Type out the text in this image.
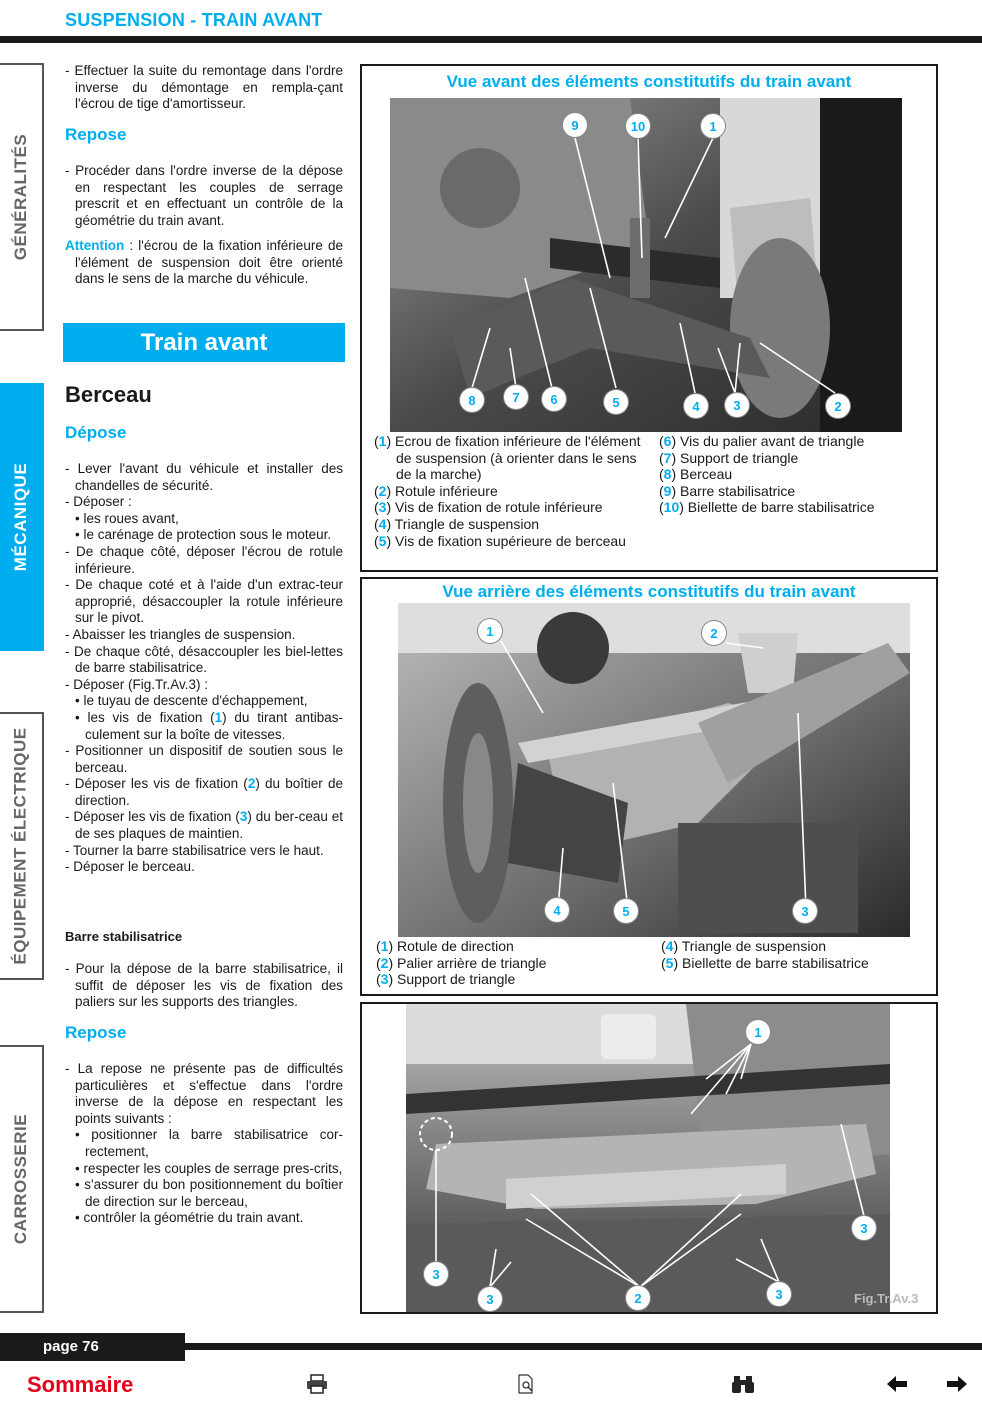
SUSPENSION - TRAIN AVANT
GÉNÉRALITÉS
MÉCANIQUE
ÉQUIPEMENT ÉLECTRIQUE
CARROSSERIE

- Effectuer la suite du remontage dans l'ordre inverse du démontage en rempla-çant l'écrou de tige d'amortisseur.

Repose

- Procéder dans l'ordre inverse de la dépose en respectant les couples de serrage prescrit et en effectuant un contrôle de la géométrie du train avant.

Attention : l'écrou de la fixation inférieure de l'élément de suspension doit être orienté dans le sens de la marche du véhicule.

Train avant
Berceau
Dépose

- Lever l'avant du véhicule et installer des chandelles de sécurité.

- Déposer :

• les roues avant,

• le carénage de protection sous le moteur.

- De chaque côté, déposer l'écrou de rotule inférieure.

- De chaque coté et à l'aide d'un extrac-teur approprié, désaccoupler la rotule inférieure sur le pivot.

- Abaisser les triangles de suspension.

- De chaque côté, désaccoupler les biel-lettes de barre stabilisatrice.

- Déposer (Fig.Tr.Av.3) :

• le tuyau de descente d'échappement,

• les vis de fixation (1) du tirant antibas-culement sur la boîte de vitesses.

- Positionner un dispositif de soutien sous le berceau.

- Déposer les vis de fixation (2) du boîtier de direction.

- Déposer les vis de fixation (3) du ber-ceau et de ses plaques de maintien.

- Tourner la barre stabilisatrice vers le haut.

- Déposer le berceau.

Barre stabilisatrice

- Pour la dépose de la barre stabilisatrice, il suffit de déposer les vis de fixation des paliers sur les supports des triangles.

Repose

- La repose ne présente pas de difficultés particulières et s'effectue dans l'ordre inverse de la dépose en respectant les points suivants :

• positionner la barre stabilisatrice cor-rectement,

• respecter les couples de serrage pres-crits,

• s'assurer du bon positionnement du boîtier de direction sur le berceau,

• contrôler la géométrie du train avant.

Vue avant des éléments constitutifs du train avant
9	10	1
8	7	6	5	4	3	2
(1) Ecrou de fixation inférieure de l'élément de suspension (à orienter dans le sens de la marche)
(2) Rotule inférieure
(3) Vis de fixation de rotule inférieure
(4) Triangle de suspension
(5) Vis de fixation supérieure de berceau
(6) Vis du palier avant de triangle
(7) Support de triangle
(8) Berceau
(9) Barre stabilisatrice
(10) Biellette de barre stabilisatrice
Vue arrière des éléments constitutifs du train avant
1	2
4	5	3
(1) Rotule de direction
(2) Palier arrière de triangle
(3) Support de triangle
(4) Triangle de suspension
(5) Biellette de barre stabilisatrice
1
3
3
3	2	3	Fig.Tr.Av.3
page 76
Sommaire
